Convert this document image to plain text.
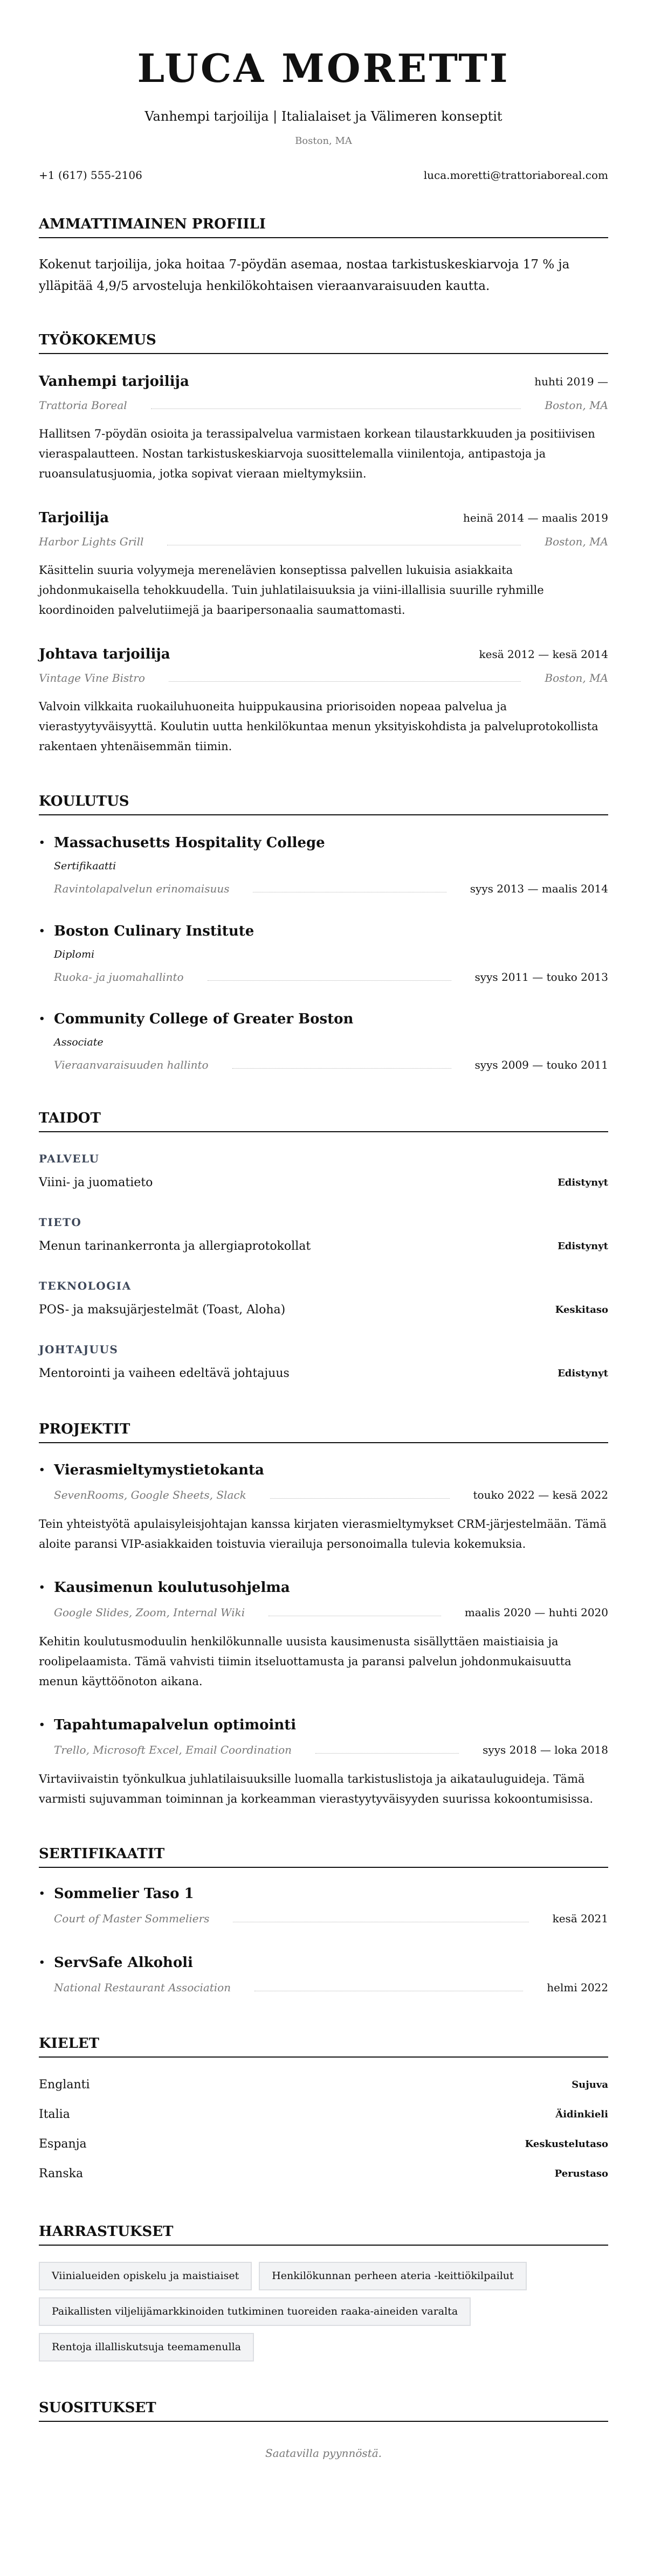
LUCA MORETTI
Vanhempi tarjoilija | Italialaiset ja Välimeren konseptit
Boston, MA
+1 (617) 555-2106	luca.moretti@trattoriaboreal.com
AMMATTIMAINEN PROFIILI

Kokenut tarjoilija, joka hoitaa 7-pöydän asemaa, nostaa tarkistuskeskiarvoja 17 % ja ylläpitää 4,9/5 arvosteluja henkilökohtaisen vieraanvaraisuuden kautta.

TYÖKOKEMUS
Vanhempi tarjoilija	huhti 2019 —
Trattoria Boreal	Boston, MA
Hallitsen 7-pöydän osioita ja terassipalvelua varmistaen korkean tilaustarkkuuden ja positiivisen vieraspalautteen. Nostan tarkistuskeskiarvoja suosittelemalla viinilentoja, antipastoja ja ruoansulatusjuomia, jotka sopivat vieraan mieltymyksiin.
Tarjoilija	heinä 2014 — maalis 2019
Harbor Lights Grill	Boston, MA
Käsittelin suuria volyymeja merenelävien konseptissa palvellen lukuisia asiakkaita johdonmukaisella tehokkuudella. Tuin juhlatilaisuuksia ja viini-illallisia suurille ryhmille koordinoiden palvelutiimejä ja baaripersonaalia saumattomasti.
Johtava tarjoilija	kesä 2012 — kesä 2014
Vintage Vine Bistro	Boston, MA
Valvoin vilkkaita ruokailuhuoneita huippukausina priorisoiden nopeaa palvelua ja vierastyytyväisyyttä. Koulutin uutta henkilökuntaa menun yksityiskohdista ja palveluprotokollista rakentaen yhtenäisemmän tiimin.
KOULUTUS
• Massachusetts Hospitality College
Sertifikaatti
Ravintolapalvelun erinomaisuus	syys 2013 — maalis 2014
• Boston Culinary Institute
Diplomi
Ruoka- ja juomahallinto	syys 2011 — touko 2013
• Community College of Greater Boston
Associate
Vieraanvaraisuuden hallinto	syys 2009 — touko 2011
TAIDOT
PALVELU
Viini- ja juomatieto	Edistynyt
TIETO
Menun tarinankerronta ja allergiaprotokollat	Edistynyt
TEKNOLOGIA
POS- ja maksujärjestelmät (Toast, Aloha)	Keskitaso
JOHTAJUUS
Mentorointi ja vaiheen edeltävä johtajuus	Edistynyt
PROJEKTIT
• Vierasmieltymystietokanta
SevenRooms, Google Sheets, Slack	touko 2022 — kesä 2022
Tein yhteistyötä apulaisyleisjohtajan kanssa kirjaten vierasmieltymykset CRM-järjestelmään. Tämä aloite paransi VIP-asiakkaiden toistuvia vierailuja personoimalla tulevia kokemuksia.
• Kausimenun koulutusohjelma
Google Slides, Zoom, Internal Wiki	maalis 2020 — huhti 2020
Kehitin koulutusmoduulin henkilökunnalle uusista kausimenusta sisällyttäen maistiaisia ja roolipelaamista. Tämä vahvisti tiimin itseluottamusta ja paransi palvelun johdonmukaisuutta menun käyttöönoton aikana.
• Tapahtumapalvelun optimointi
Trello, Microsoft Excel, Email Coordination	syys 2018 — loka 2018
Virtaviivaistin työnkulkua juhlatilaisuuksille luomalla tarkistuslistoja ja aikatauluguideja. Tämä varmisti sujuvamman toiminnan ja korkeamman vierastyytyväisyyden suurissa kokoontumisissa.
SERTIFIKAATIT
• Sommelier Taso 1
Court of Master Sommeliers	kesä 2021
• ServSafe Alkoholi
National Restaurant Association	helmi 2022
KIELET
Englanti	Sujuva
Italia	Äidinkieli
Espanja	Keskustelutaso
Ranska	Perustaso
HARRASTUKSET
Viinialueiden opiskelu ja maistiaiset	Henkilökunnan perheen ateria -keittiökilpailut
Paikallisten viljelijämarkkinoiden tutkiminen tuoreiden raaka-aineiden varalta
Rentoja illalliskutsuja teemamenulla
SUOSITUKSET
Saatavilla pyynnöstä.
